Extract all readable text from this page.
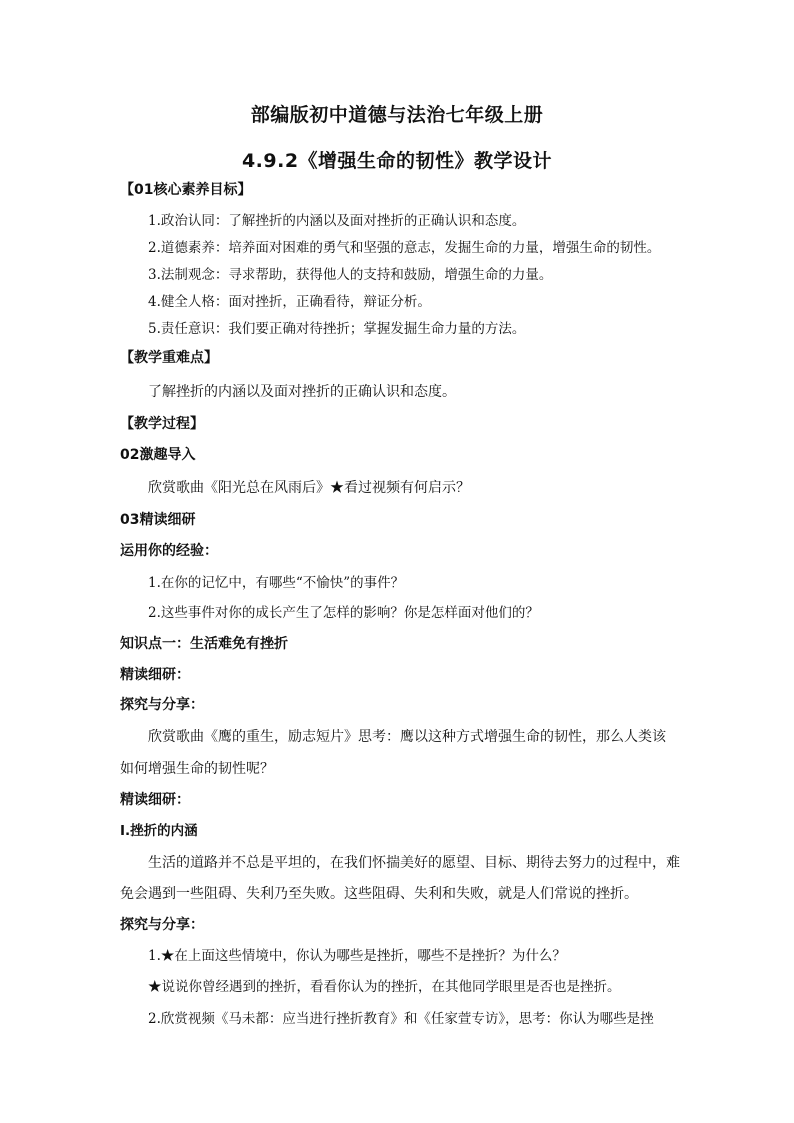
部编版初中道德与法治七年级上册
4.9.2《增强生命的韧性》教学设计
【01核心素养目标】
1.政治认同：了解挫折的内涵以及面对挫折的正确认识和态度。
2.道德素养：培养面对困难的勇气和坚强的意志，发掘生命的力量，增强生命的韧性。
3.法制观念：寻求帮助，获得他人的支持和鼓励，增强生命的力量。
4.健全人格：面对挫折，正确看待，辩证分析。
5.责任意识：我们要正确对待挫折；掌握发掘生命力量的方法。
【教学重难点】
了解挫折的内涵以及面对挫折的正确认识和态度。
【教学过程】
02激趣导入
欣赏歌曲《阳光总在风雨后》★看过视频有何启示？
03精读细研
运用你的经验：
1.在你的记忆中，有哪些“不愉快”的事件？
2.这些事件对你的成长产生了怎样的影响？你是怎样面对他们的？
知识点一：生活难免有挫折
精读细研：
探究与分享：
欣赏歌曲《鹰的重生，励志短片》思考：鹰以这种方式增强生命的韧性，那么人类该
如何增强生命的韧性呢？
精读细研：
Ⅰ.挫折的内涵
生活的道路并不总是平坦的，在我们怀揣美好的愿望、目标、期待去努力的过程中，难
免会遇到一些阻碍、失利乃至失败。这些阻碍、失利和失败，就是人们常说的挫折。
探究与分享：
1.★在上面这些情境中，你认为哪些是挫折，哪些不是挫折？为什么？
★说说你曾经遇到的挫折，看看你认为的挫折，在其他同学眼里是否也是挫折。
2.欣赏视频《马未都：应当进行挫折教育》和《任家萱专访》，思考：你认为哪些是挫
